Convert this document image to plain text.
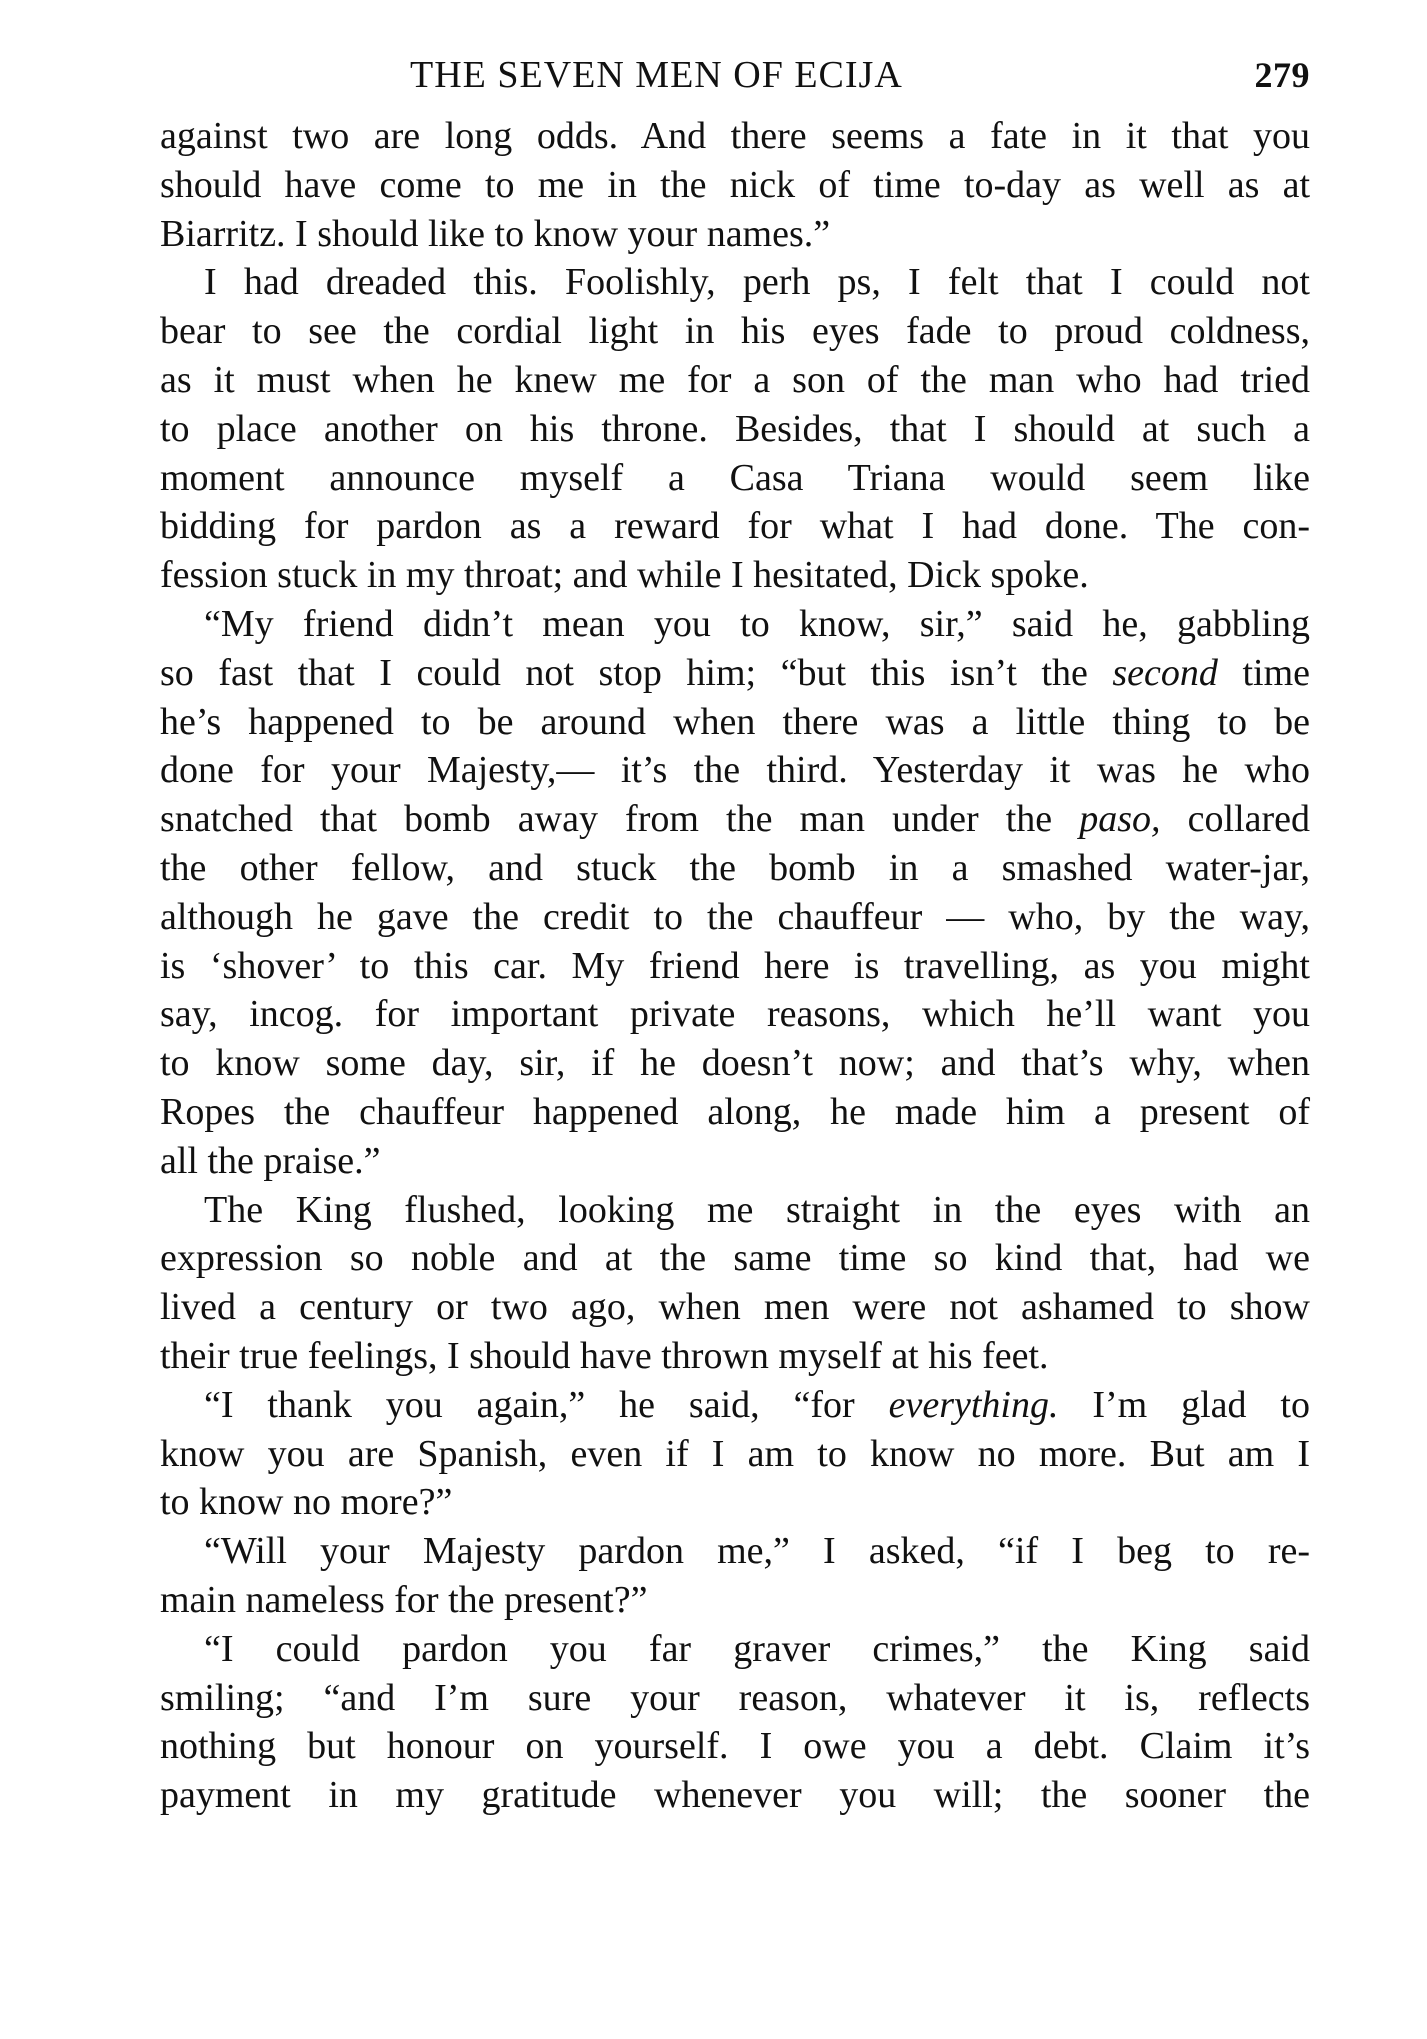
THE SEVEN MEN OF ECIJA	279
against two are long odds. And there seems a fate in it that you
should have come to me in the nick of time to-day as well as at
Biarritz. I should like to know your names.”
I had dreaded this. Foolishly, perh ps, I felt that I could not
bear to see the cordial light in his eyes fade to proud coldness,
as it must when he knew me for a son of the man who had tried
to place another on his throne. Besides, that I should at such a
moment announce myself a Casa Triana would seem like
bidding for pardon as a reward for what I had done. The con-
fession stuck in my throat; and while I hesitated, Dick spoke.
“My friend didn’t mean you to know, sir,” said he, gabbling
so fast that I could not stop him; “but this isn’t the second time
he’s happened to be around when there was a little thing to be
done for your Majesty,— it’s the third. Yesterday it was he who
snatched that bomb away from the man under the paso, collared
the other fellow, and stuck the bomb in a smashed water-jar,
although he gave the credit to the chauffeur — who, by the way,
is ‘shover’ to this car. My friend here is travelling, as you might
say, incog. for important private reasons, which he’ll want you
to know some day, sir, if he doesn’t now; and that’s why, when
Ropes the chauffeur happened along, he made him a present of
all the praise.”
The King flushed, looking me straight in the eyes with an
expression so noble and at the same time so kind that, had we
lived a century or two ago, when men were not ashamed to show
their true feelings, I should have thrown myself at his feet.
“I thank you again,” he said, “for everything. I’m glad to
know you are Spanish, even if I am to know no more. But am I
to know no more?”
“Will your Majesty pardon me,” I asked, “if I beg to re-
main nameless for the present?”
“I could pardon you far graver crimes,” the King said
smiling; “and I’m sure your reason, whatever it is, reflects
nothing but honour on yourself. I owe you a debt. Claim it’s
payment in my gratitude whenever you will; the sooner the
